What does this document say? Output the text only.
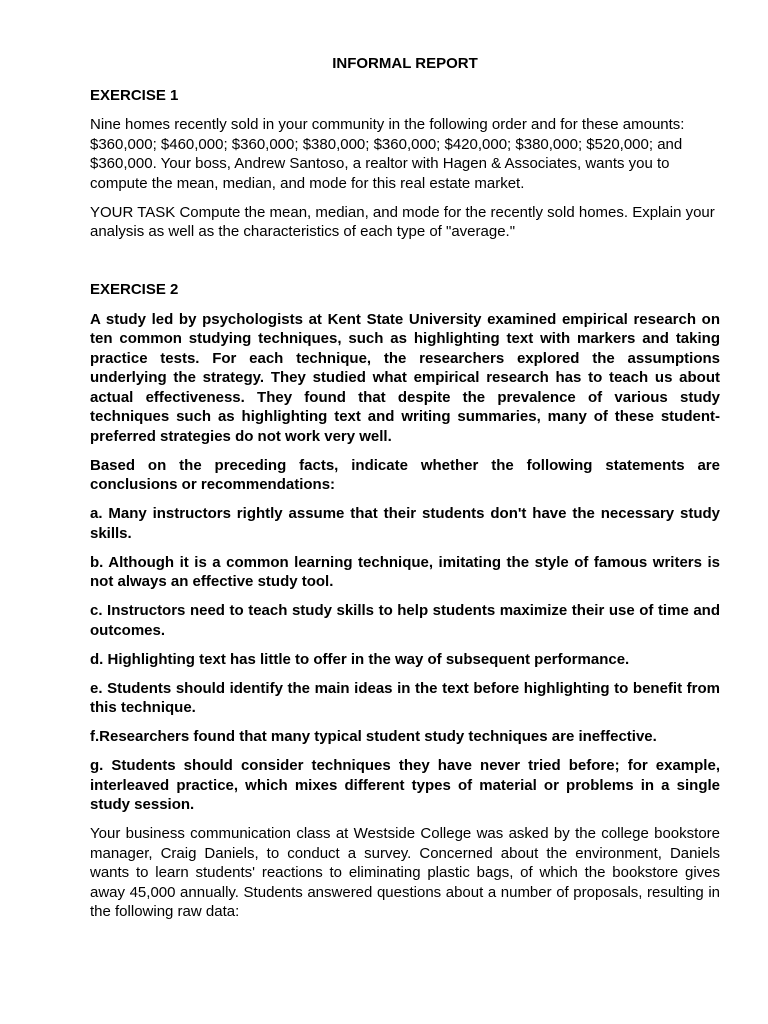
INFORMAL REPORT
EXERCISE 1

Nine homes recently sold in your community in the following order and for these amounts: $360,000; $460,000; $360,000; $380,000; $360,000; $420,000; $380,000; $520,000; and $360,000. Your boss, Andrew Santoso, a realtor with Hagen & Associates, wants you to compute the mean, median, and mode for this real estate market.

YOUR TASK Compute the mean, median, and mode for the recently sold homes. Explain your analysis as well as the characteristics of each type of "average."

EXERCISE 2

A study led by psychologists at Kent State University examined empirical research on ten common studying techniques, such as highlighting text with markers and taking practice tests. For each technique, the researchers explored the assumptions underlying the strategy. They studied what empirical research has to teach us about actual effectiveness. They found that despite the prevalence of various study techniques such as highlighting text and writing summaries, many of these student-preferred strategies do not work very well.

Based on the preceding facts, indicate whether the following statements are conclusions or recommendations:

a. Many instructors rightly assume that their students don't have the necessary study skills.

b. Although it is a common learning technique, imitating the style of famous writers is not always an effective study tool.

c. Instructors need to teach study skills to help students maximize their use of time and outcomes.

d. Highlighting text has little to offer in the way of subsequent performance.

e. Students should identify the main ideas in the text before highlighting to benefit from this technique.

f.Researchers found that many typical student study techniques are ineffective.

g. Students should consider techniques they have never tried before; for example, interleaved practice, which mixes different types of material or problems in a single study session.

Your business communication class at Westside College was asked by the college bookstore manager, Craig Daniels, to conduct a survey. Concerned about the environment, Daniels wants to learn students' reactions to eliminating plastic bags, of which the bookstore gives away 45,000 annually. Students answered questions about a number of proposals, resulting in the following raw data:
